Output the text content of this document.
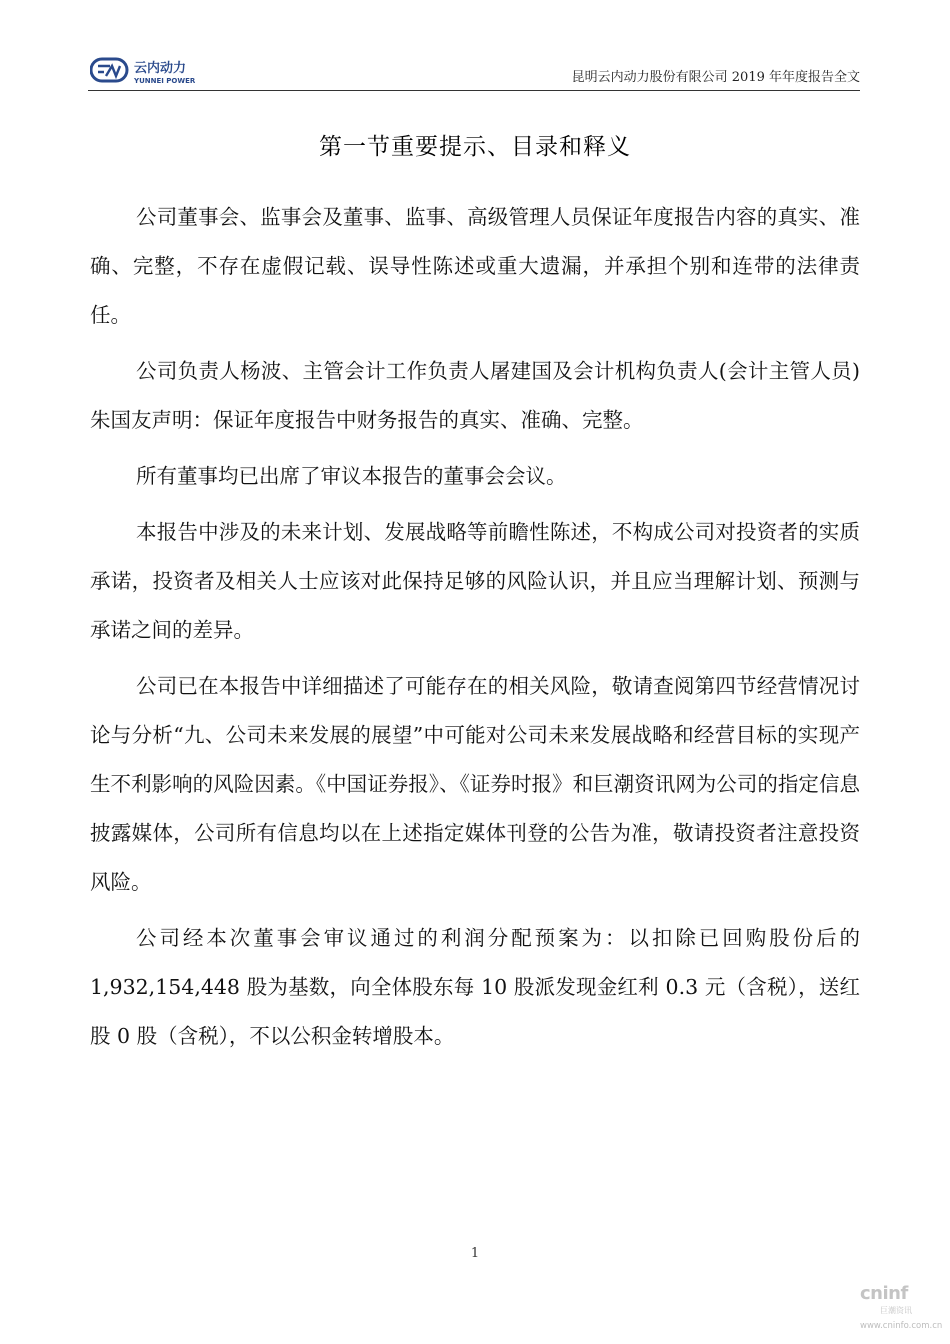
云内动力
YUNNEI POWER	昆明云内动力股份有限公司 2019 年年度报告全文
第一节重要提示、目录和释义

公司董事会、监事会及董事、监事、高级管理人员保证年度报告内容的真实、准确、完整，不存在虚假记载、误导性陈述或重大遗漏，并承担个别和连带的法律责任。

公司负责人杨波、主管会计工作负责人屠建国及会计机构负责人(会计主管人员)朱国友声明：保证年度报告中财务报告的真实、准确、完整。

所有董事均已出席了审议本报告的董事会会议。

本报告中涉及的未来计划、发展战略等前瞻性陈述，不构成公司对投资者的实质承诺，投资者及相关人士应该对此保持足够的风险认识，并且应当理解计划、预测与承诺之间的差异。

公司已在本报告中详细描述了可能存在的相关风险，敬请查阅第四节经营情况讨论与分析“九、公司未来发展的展望”中可能对公司未来发展战略和经营目标的实现产生不利影响的风险因素。《中国证券报》、《证券时报》和巨潮资讯网为公司的指定信息披露媒体，公司所有信息均以在上述指定媒体刊登的公告为准，敬请投资者注意投资风险。

公司经本次董事会审议通过的利润分配预案为：以扣除已回购股份后的1,932,154,448 股为基数，向全体股东每 10 股派发现金红利 0.3 元（含税），送红股 0 股（含税），不以公积金转增股本。

1
cninf
巨潮资讯
www.cninfo.com.cn
